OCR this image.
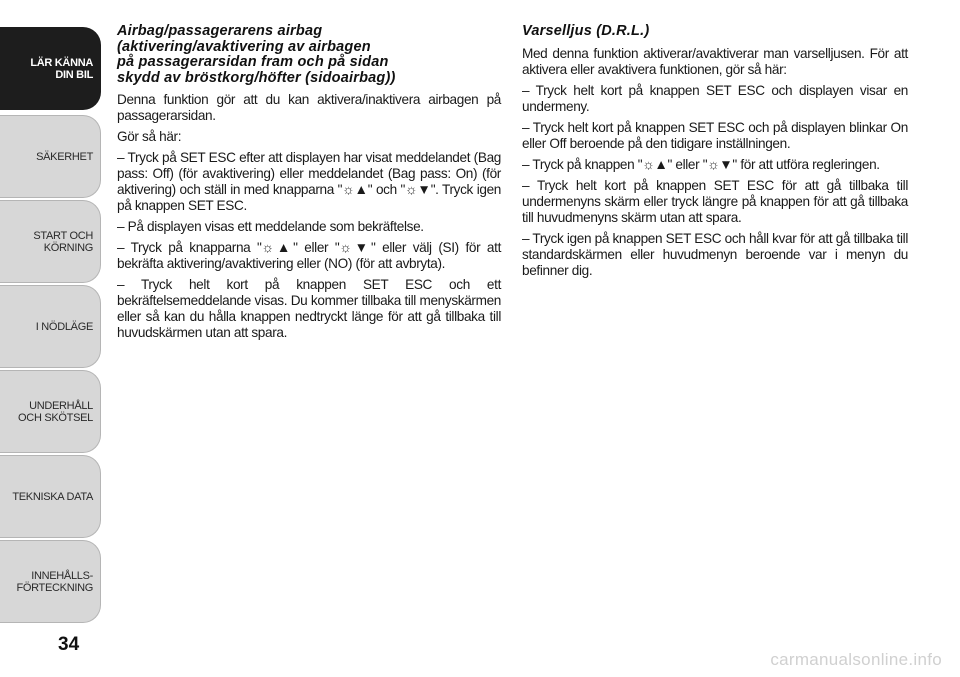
LÄR KÄNNA
DIN BIL
SÄKERHET
START OCH
KÖRNING
I NÖDLÄGE
UNDERHÅLL
OCH SKÖTSEL
TEKNISKA DATA
INNEHÅLLS-
FÖRTECKNING
34
Airbag/passagerarens airbag
(aktivering/avaktivering av airbagen
på passagerarsidan fram och på sidan
skydd av bröstkorg/höfter (sidoairbag))

Denna funktion gör att du kan aktivera/inaktivera airbagen på passagerarsidan.

Gör så här:

– Tryck på SET ESC efter att displayen har visat meddelandet (Bag pass: Off) (för avaktivering) eller meddelandet (Bag pass: On) (för aktivering) och ställ in med knapparna "☼▲" och "☼▼". Tryck igen på knappen SET ESC.

– På displayen visas ett meddelande som bekräftelse.

– Tryck på knapparna "☼▲" eller "☼▼" eller välj (SI) för att bekräfta aktivering/avaktivering eller (NO) (för att avbryta).

– Tryck helt kort på knappen SET ESC och ett bekräftelsemeddelande visas. Du kommer tillbaka till menyskärmen eller så kan du hålla knappen nedtryckt länge för att gå tillbaka till huvudskärmen utan att spara.

Varselljus (D.R.L.)

Med denna funktion aktiverar/avaktiverar man varselljusen. För att aktivera eller avaktivera funktionen, gör så här:

– Tryck helt kort på knappen SET ESC och displayen visar en undermeny.

– Tryck helt kort på knappen SET ESC och på displayen blinkar On eller Off beroende på den tidigare inställningen.

– Tryck på knappen "☼▲" eller "☼▼" för att utföra regleringen.

– Tryck helt kort på knappen SET ESC för att gå tillbaka till undermenyns skärm eller tryck längre på knappen för att gå tillbaka till huvudmenyns skärm utan att spara.

– Tryck igen på knappen SET ESC och håll kvar för att gå tillbaka till standardskärmen eller huvudmenyn beroende var i menyn du befinner dig.

carmanualsonline.info
